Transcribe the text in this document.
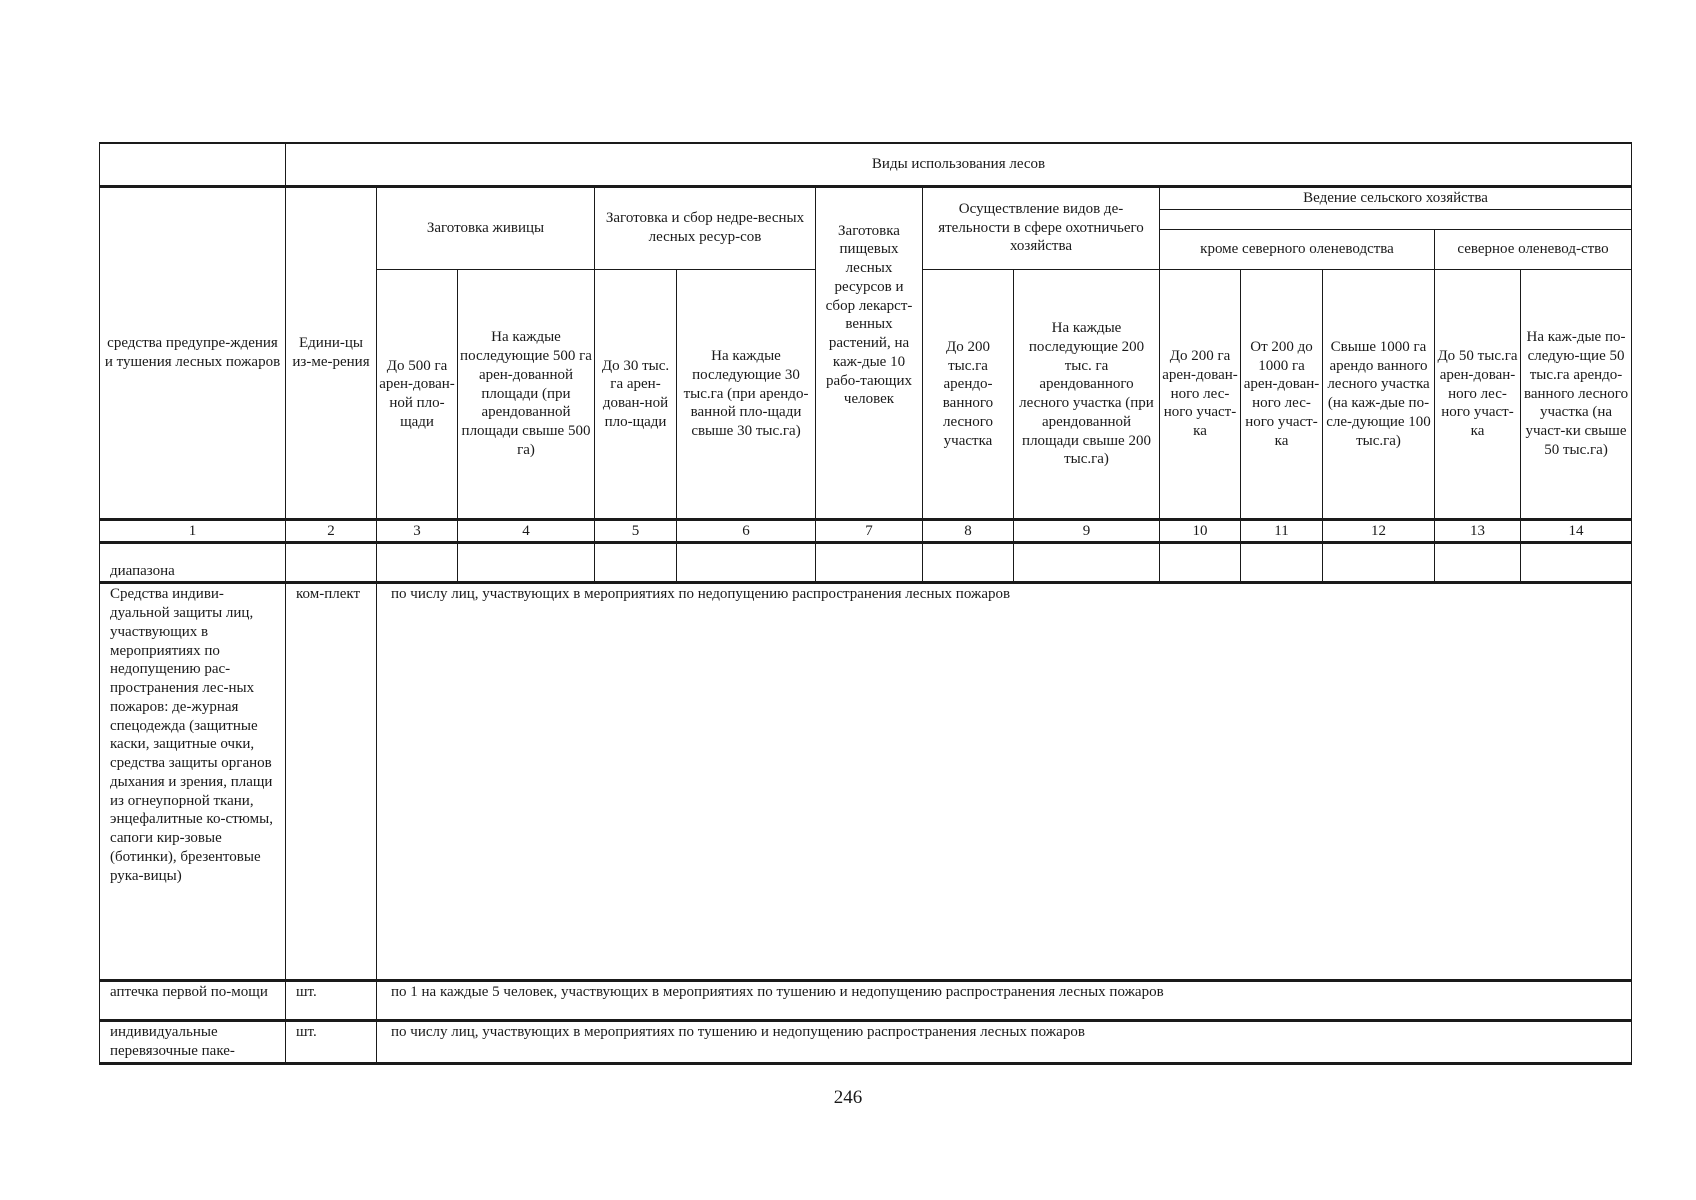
	Виды использования лесов												
средства предупре-ждения и тушения лесных пожаров	Едини-цы из-ме-рения	Заготовка живицы		Заготовка и сбор недре-весных лесных ресур-сов		Заготовка пищевых лесных ресурсов и сбор лекарст-венных растений, на каж-дые 10 рабо-тающих человек	Осуществление видов де-ятельности в сфере охотничьего хозяйства		Ведение сельского хозяйства				

									кроме северного оленеводства			северное оленевод-ство	
		До 500 га арен-дован-ной пло-щади	На каждые последующие 500 га арен-дованной площади (при арендованной площади свыше 500 га)	До 30 тыс. га арен-дован-ной пло-щади	На каждые последующие 30 тыс.га (при арендо-ванной пло-щади свыше 30 тыс.га)		До 200 тыс.га арендо-ванного лесного участка	На каждые последующие 200 тыс. га арендованного лесного участка (при арендованной площади свыше 200 тыс.га)	До 200 га арен-дован-ного лес-ного участ-ка	От 200 до 1000 га арен-дован-ного лес-ного участ-ка	Свыше 1000 га арендо ванного лесного участка (на каж-дые по-сле-дующие 100 тыс.га)	До 50 тыс.га арен-дован-ного лес-ного участ-ка	На каж-дые по-следую-щие 50 тыс.га арендо-ванного лесного участка (на участ-ки свыше 50 тыс.га)

1	2	3	4	5	6	7	8	9	10	11	12	13	14
диапазона													
Средства индиви-дуальной защиты лиц, участвующих в мероприятиях по недопущению рас-пространения лес-ных пожаров: де-журная спецодежда (защитные каски, защитные очки, средства защиты органов дыхания и зрения, плащи из огнеупорной ткани, энцефалитные ко-стюмы, сапоги кир-зовые (ботинки), брезентовые рука-вицы)	ком-плект	по числу лиц, участвующих в мероприятиях по недопущению распространения лесных пожаров											
аптечка первой по-мощи	шт.	по 1 на каждые 5 человек, участвующих в мероприятиях по тушению и недопущению распространения лесных пожаров											
индивидуальные перевязочные паке-	шт.	по числу лиц, участвующих в мероприятиях по тушению и недопущению распространения лесных пожаров											
246
